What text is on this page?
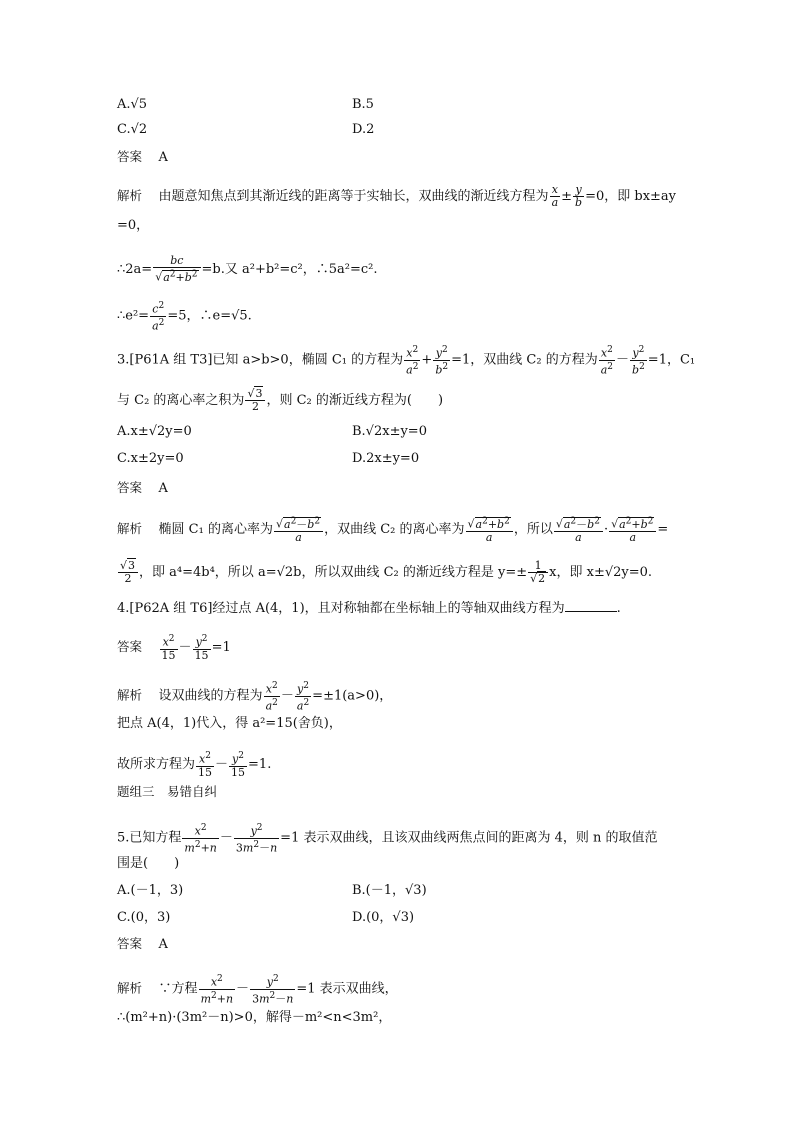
A.√5	B.5
C.√2	D.2
答案 A
解析 由题意知焦点到其渐近线的距离等于实轴长，双曲线的渐近线方程为 $\frac{x}{a} \pm \frac{y}{b} =0$，即 bx±ay
=0，
∴2a= $\frac{bc}{√a^2+b^2} =b$.又 a²+b²=c²，∴5a²=c².
∴e²= $\frac{c^2}{a^2} =5$，∴e=√5.
3.[P61A 组 T3]已知 a>b>0，椭圆 C₁ 的方程为 $\frac{x^2}{a^2} + \frac{y^2}{b^2} =1$，双曲线 C₂ 的方程为 $\frac{x^2}{a^2} - \frac{y^2}{b^2} =1$，C₁
与 C₂ 的离心率之积为 $\frac{√3}{2}$ ，则 C₂ 的渐近线方程为(　　)
A.x±√2y=0	B.√2x±y=0
C.x±2y=0	D.2x±y=0
答案 A
解析 椭圆 C₁ 的离心率为 $\frac{√a^2-b^2}{a}$ ，双曲线 C₂ 的离心率为 $\frac{√a^2+b^2}{a}$ ，所以 $\frac{√a^2-b^2}{a} \cdot \frac{√a^2+b^2}{a}$ =
$\frac{√3}{2}$ ，即 a⁴=4b⁴，所以 a=√2b，所以双曲线 C₂ 的渐近线方程是 $y=\pm \frac{1}{√2}$ x，即 x±√2y=0.
4.[P62A 组 T6]经过点 A(4，1)，且对称轴都在坐标轴上的等轴双曲线方程为	.
答案 $\frac{x^2}{15} - \frac{y^2}{15} =1$
解析 设双曲线的方程为 $\frac{x^2}{a^2} - \frac{y^2}{a^2} =\pm 1(a>0)$，
把点 A(4，1)代入，得 a²=15(舍负)，
故所求方程为 $\frac{x^2}{15} - \frac{y^2}{15} =1$.
题组三　易错自纠
5.已知方程 $\frac{x^2}{m^2+n} - \frac{y^2}{3m^2-n} =1$ 表示双曲线，且该双曲线两焦点间的距离为 4，则 n 的取值范
围是(　　)
A.(－1，3)	B.(－1，√3)
C.(0，3)	D.(0，√3)
答案 A
解析 ∵方程 $\frac{x^2}{m^2+n} - \frac{y^2}{3m^2-n} =1$ 表示双曲线，
∴(m²+n)·(3m²－n)>0，解得－m²<n<3m²，
